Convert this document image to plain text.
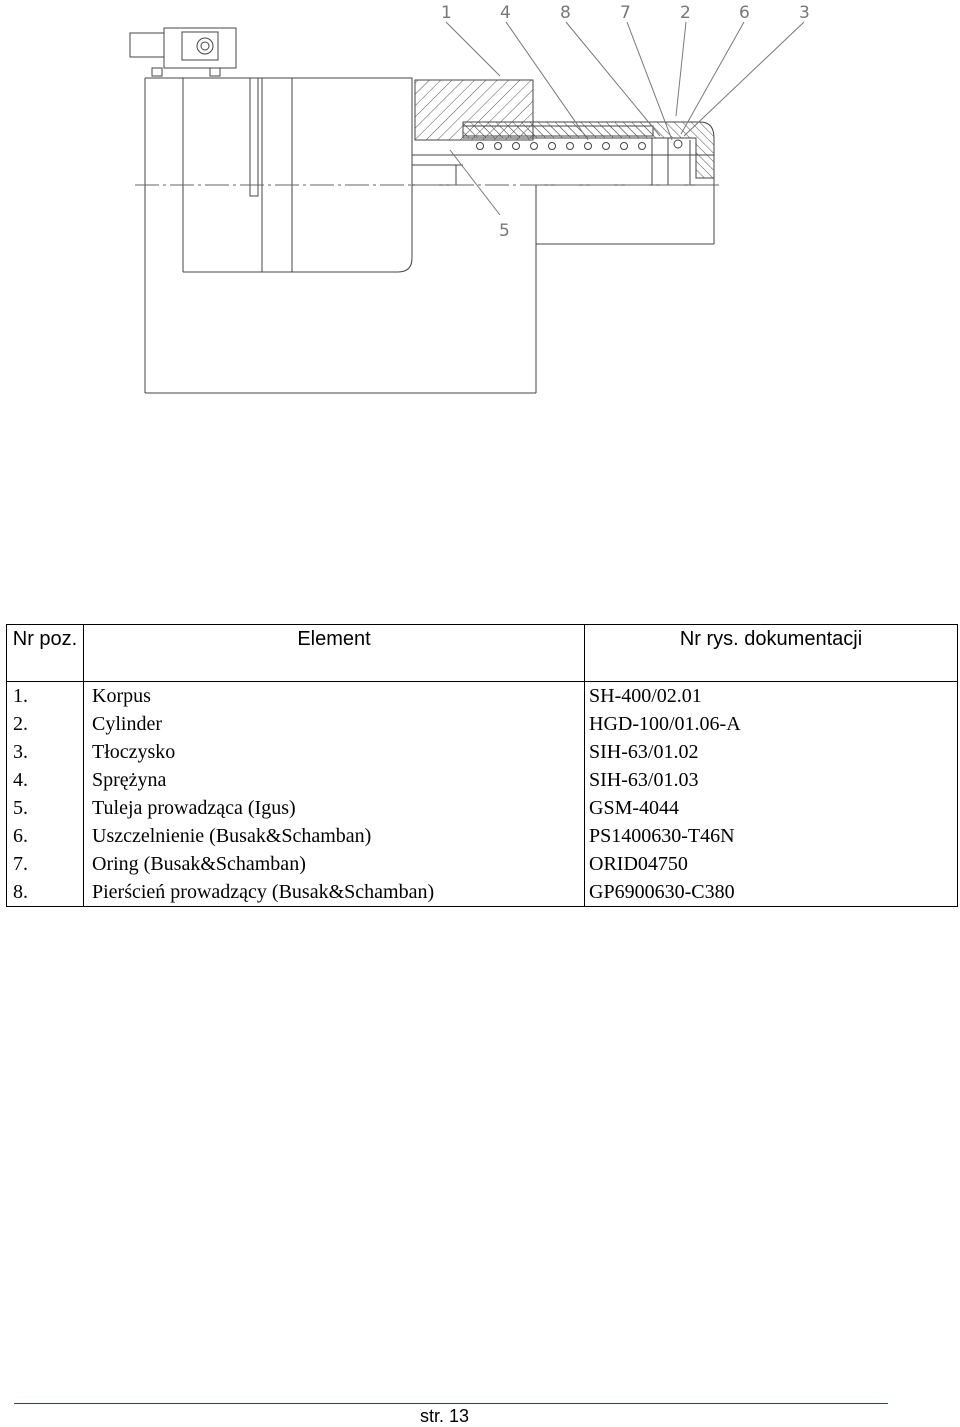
1	4	8	7	2	6	3
5
Nr poz.	Element	Nr rys. dokumentacji
1.	Korpus	SH-400/02.01
2.	Cylinder	HGD-100/01.06-A
3.	Tłoczysko	SIH-63/01.02
4.	Sprężyna	SIH-63/01.03
5.	Tuleja prowadząca (Igus)	GSM-4044
6.	Uszczelnienie (Busak&Schamban)	PS1400630-T46N
7.	Oring (Busak&Schamban)	ORID04750
8.	Pierścień prowadzący (Busak&Schamban)	GP6900630-C380
str. 13
